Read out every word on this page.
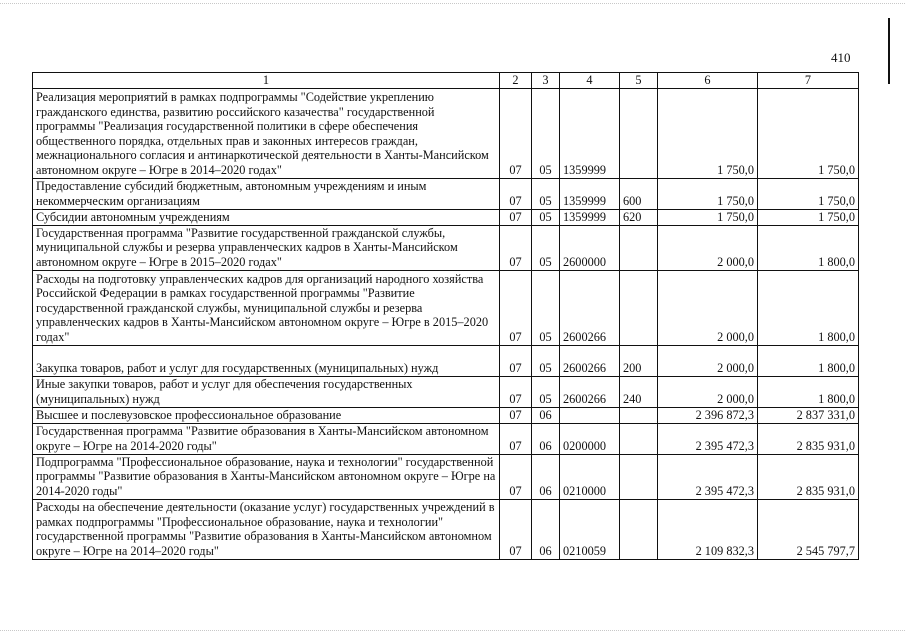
410
1	2	3	4	5	6	7

Реализация мероприятий в рамках подпрограммы "Содействие укреплению гражданского единства, развитию российского казачества" государственной программы "Реализация государственной политики в сфере обеспечения общественного порядка, отдельных прав и законных интересов граждан, межнационального согласия и антинаркотической деятельности в Ханты-Мансийском автономном округе – Югре в 2014–2020 годах"	07	05	1359999		1 750,0	1 750,0

Предоставление субсидий бюджетным, автономным учреждениям и иным некоммерческим организациям	07	05	1359999	600	1 750,0	1 750,0

Субсидии автономным учреждениям	07	05	1359999	620	1 750,0	1 750,0

Государственная программа "Развитие государственной гражданской службы, муниципальной службы и резерва управленческих кадров в Ханты-Мансийском автономном округе – Югре в 2015–2020 годах"	07	05	2600000		2 000,0	1 800,0

Расходы на подготовку управленческих кадров для организаций народного хозяйства Российской Федерации в рамках государственной программы "Развитие государственной гражданской службы, муниципальной службы и резерва управленческих кадров в Ханты-Мансийском автономном округе – Югре в 2015–2020 годах"	07	05	2600266		2 000,0	1 800,0

Закупка товаров, работ и услуг для государственных (муниципальных) нужд	07	05	2600266	200	2 000,0	1 800,0

Иные закупки товаров, работ и услуг для обеспечения государственных (муниципальных) нужд	07	05	2600266	240	2 000,0	1 800,0

Высшее и послевузовское профессиональное образование	07	06			2 396 872,3	2 837 331,0

Государственная программа "Развитие образования в Ханты-Мансийском автономном округе – Югре на 2014-2020 годы"	07	06	0200000		2 395 472,3	2 835 931,0

Подпрограмма "Профессиональное образование, наука и технологии" государственной программы "Развитие образования в Ханты-Мансийском автономном округе – Югре на 2014-2020 годы"	07	06	0210000		2 395 472,3	2 835 931,0

Расходы на обеспечение деятельности (оказание услуг) государственных учреждений в рамках подпрограммы "Профессиональное образование, наука и технологии" государственной программы "Развитие образования в Ханты-Мансийском автономном округе – Югре на 2014–2020 годы"	07	06	0210059		2 109 832,3	2 545 797,7
